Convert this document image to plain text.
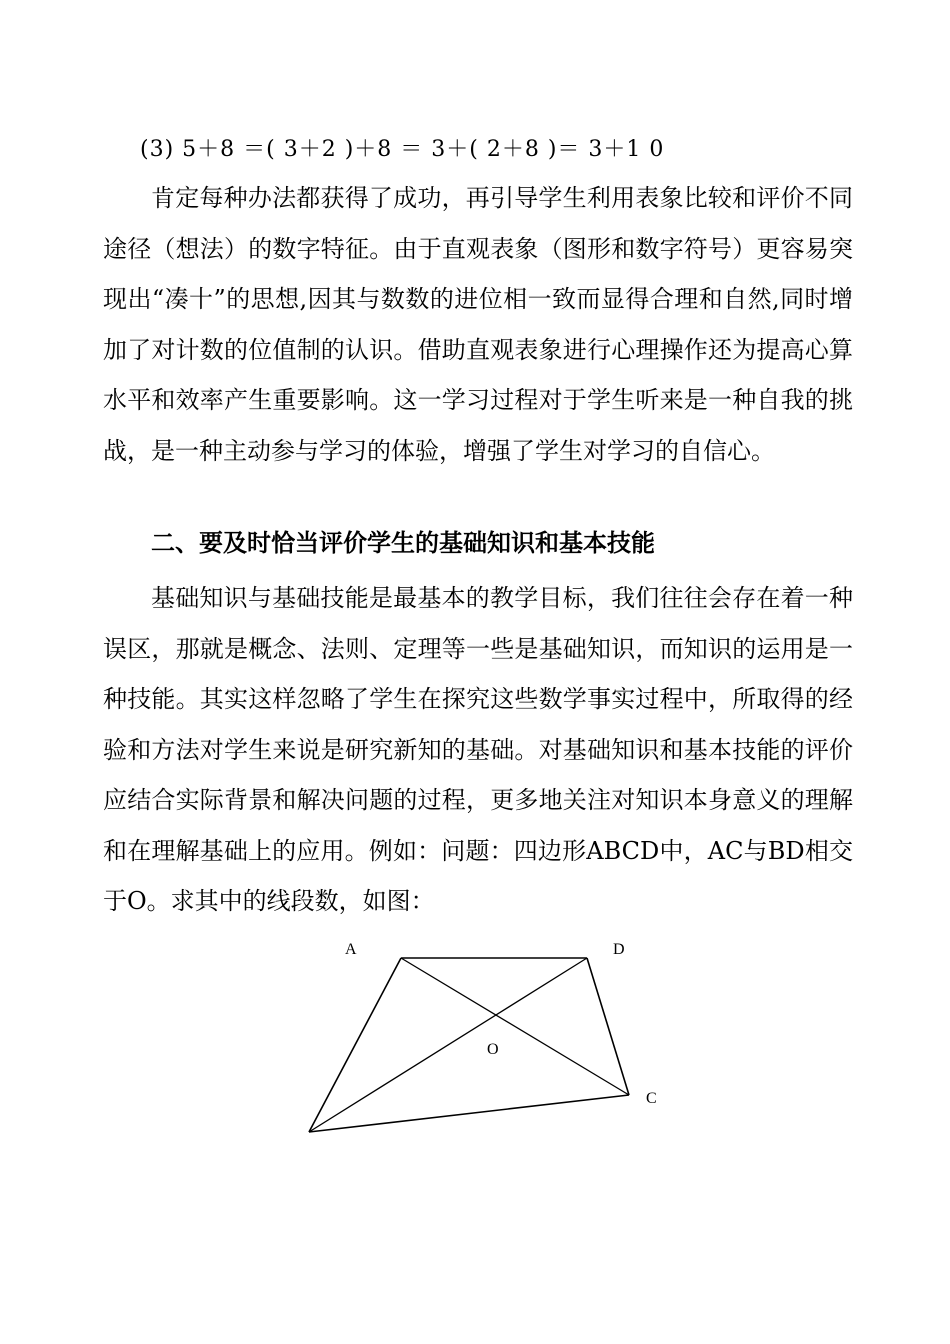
(3) 5＋8 ＝( 3＋2 )＋8 ＝ 3＋( 2＋8 )＝ 3＋1 0

肯定每种办法都获得了成功，再引导学生利用表象比较和评价不同途径（想法）的数字特征。由于直观表象（图形和数字符号）更容易突现出“凑十”的思想,因其与数数的进位相一致而显得合理和自然,同时增加了对计数的位值制的认识。借助直观表象进行心理操作还为提高心算水平和效率产生重要影响。这一学习过程对于学生听来是一种自我的挑战，是一种主动参与学习的体验，增强了学生对学习的自信心。

二、要及时恰当评价学生的基础知识和基本技能

基础知识与基础技能是最基本的教学目标，我们往往会存在着一种误区，那就是概念、法则、定理等一些是基础知识，而知识的运用是一种技能。其实这样忽略了学生在探究这些数学事实过程中，所取得的经验和方法对学生来说是研究新知的基础。对基础知识和基本技能的评价应结合实际背景和解决问题的过程，更多地关注对知识本身意义的理解和在理解基础上的应用。例如：问题：四边形ABCD中，AC与BD相交于O。求其中的线段数，如图：

A	D
O
C
